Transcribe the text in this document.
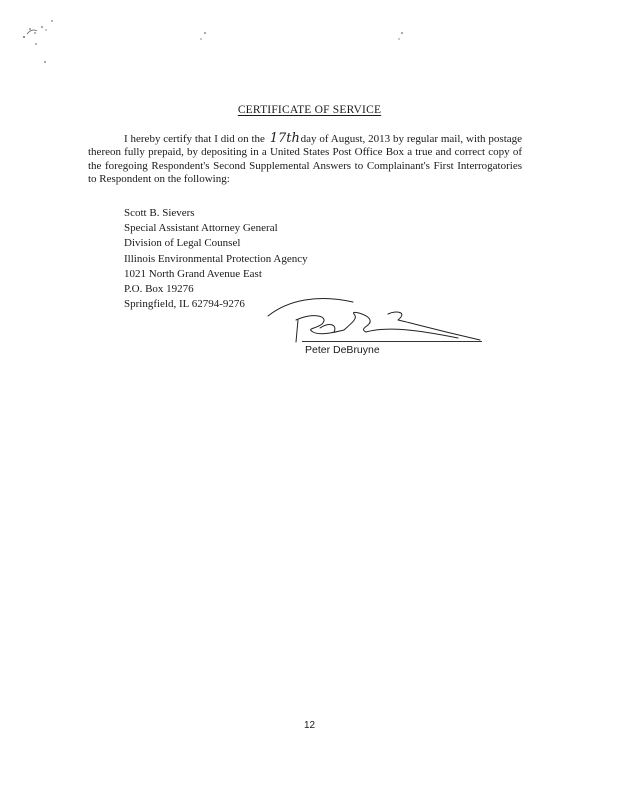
CERTIFICATE OF SERVICE
I hereby certify that I did on the 17th day of August, 2013 by regular mail, with postage thereon fully prepaid, by depositing in a United States Post Office Box a true and correct copy of the foregoing Respondent's Second Supplemental Answers to Complainant's First Interrogatories to Respondent on the following:
Scott B. Sievers
Special Assistant Attorney General
Division of Legal Counsel
Illinois Environmental Protection Agency
1021 North Grand Avenue East
P.O. Box 19276
Springfield, IL 62794-9276
Peter DeBruyne
12
